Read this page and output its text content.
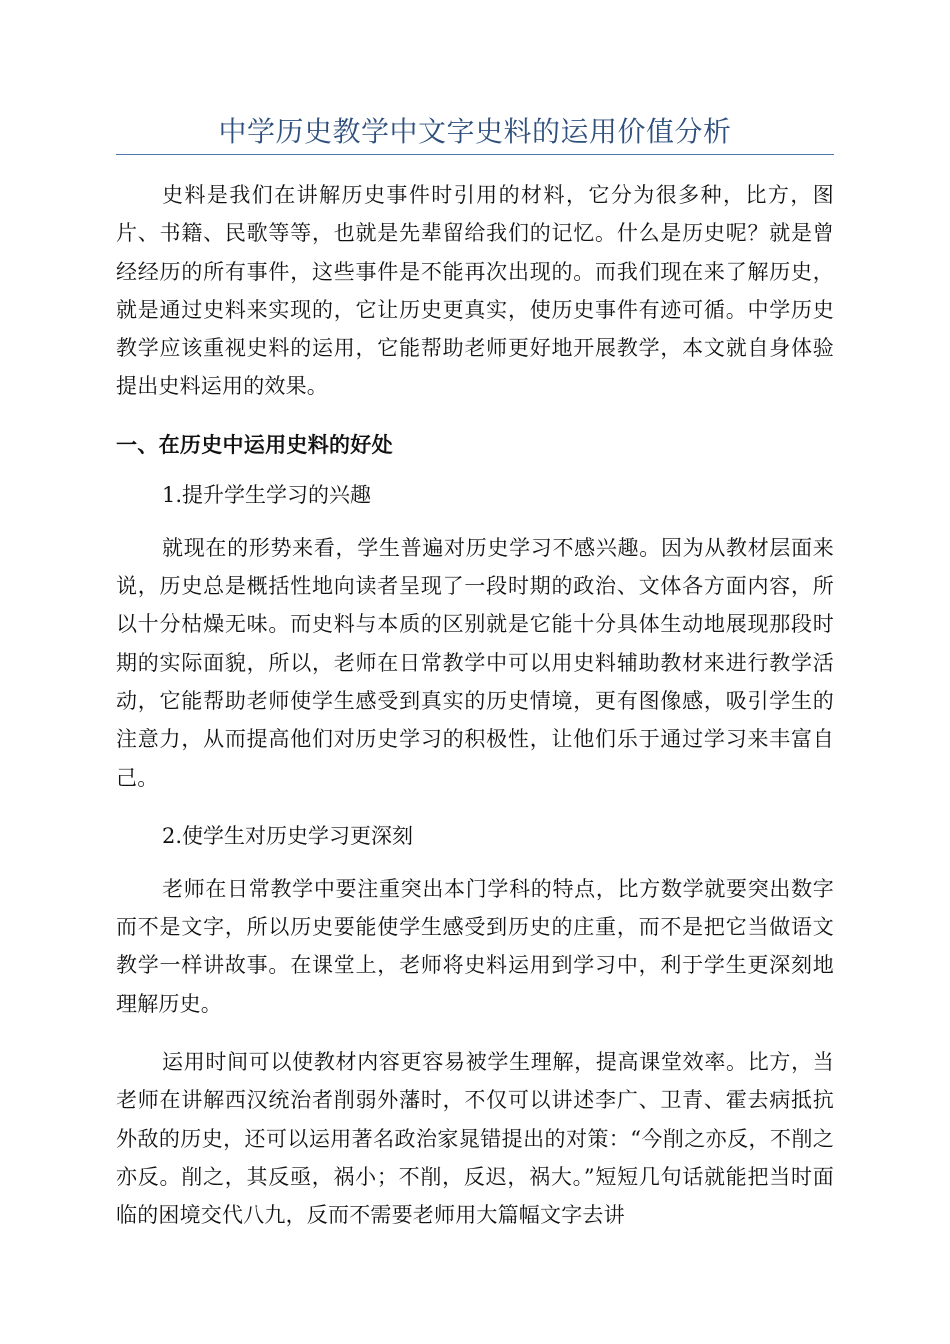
中学历史教学中文字史料的运用价值分析

史料是我们在讲解历史事件时引用的材料，它分为很多种，比方，图片、书籍、民歌等等，也就是先辈留给我们的记忆。什么是历史呢？就是曾经经历的所有事件，这些事件是不能再次出现的。而我们现在来了解历史，就是通过史料来实现的，它让历史更真实，使历史事件有迹可循。中学历史教学应该重视史料的运用，它能帮助老师更好地开展教学，本文就自身体验提出史料运用的效果。

一、在历史中运用史料的好处
1.提升学生学习的兴趣

就现在的形势来看，学生普遍对历史学习不感兴趣。因为从教材层面来说，历史总是概括性地向读者呈现了一段时期的政治、文体各方面内容，所以十分枯燥无味。而史料与本质的区别就是它能十分具体生动地展现那段时期的实际面貌，所以，老师在日常教学中可以用史料辅助教材来进行教学活动，它能帮助老师使学生感受到真实的历史情境，更有图像感，吸引学生的注意力，从而提高他们对历史学习的积极性，让他们乐于通过学习来丰富自己。

2.使学生对历史学习更深刻

老师在日常教学中要注重突出本门学科的特点，比方数学就要突出数字而不是文字，所以历史要能使学生感受到历史的庄重，而不是把它当做语文教学一样讲故事。在课堂上，老师将史料运用到学习中，利于学生更深刻地理解历史。

运用时间可以使教材内容更容易被学生理解，提高课堂效率。比方，当老师在讲解西汉统治者削弱外藩时，不仅可以讲述李广、卫青、霍去病抵抗外敌的历史，还可以运用著名政治家晁错提出的对策：“今削之亦反，不削之亦反。削之，其反亟，祸小；不削，反迟，祸大。”短短几句话就能把当时面临的困境交代八九，反而不需要老师用大篇幅文字去讲
